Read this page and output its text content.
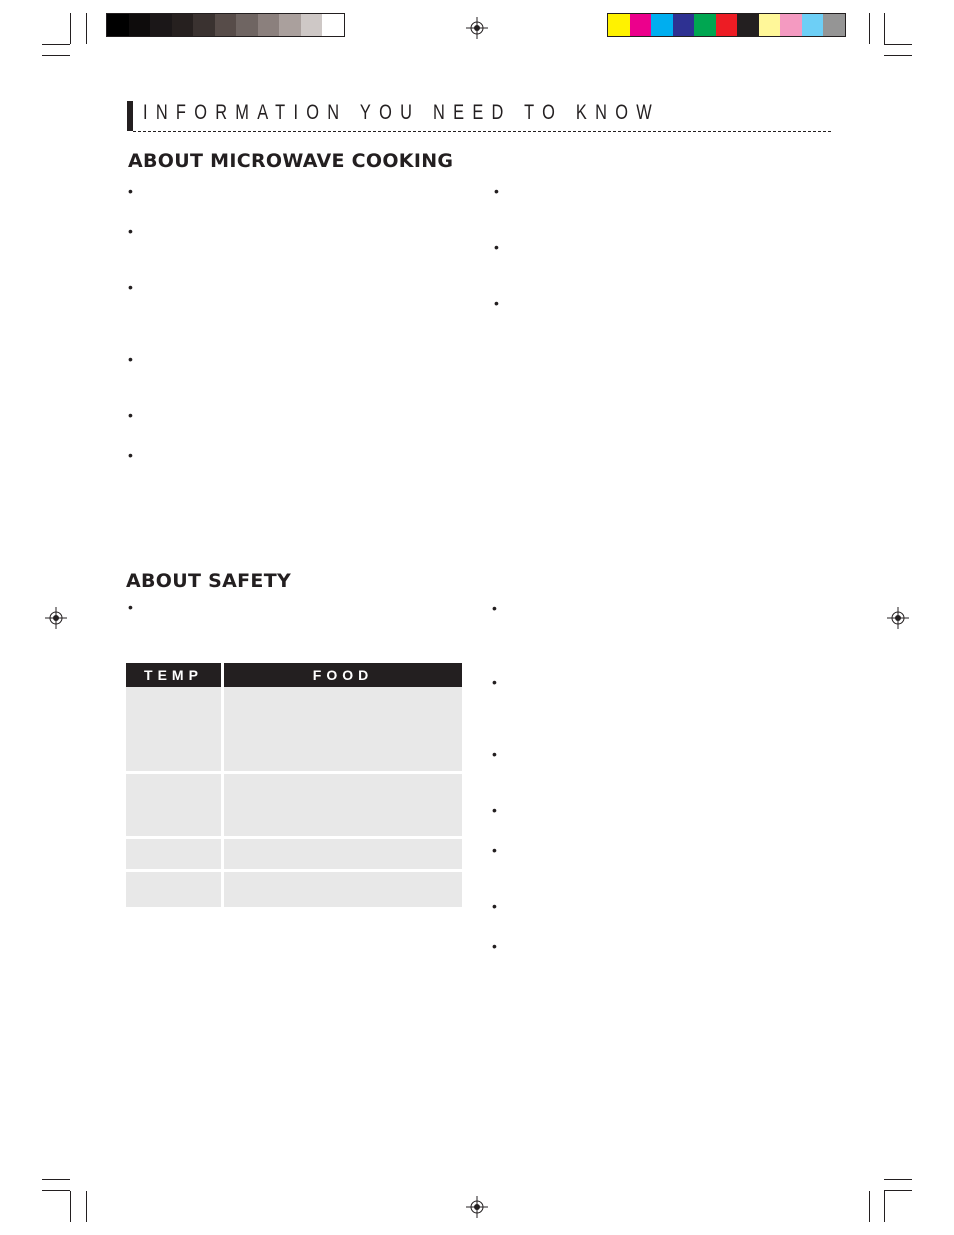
INFORMATION YOU NEED TO KNOW
ABOUT MICROWAVE COOKING
ABOUT SAFETY
•
•
•
•
•
•
•
•
•
•	•
•
•
•
•
•
•
TEMP	FOOD
